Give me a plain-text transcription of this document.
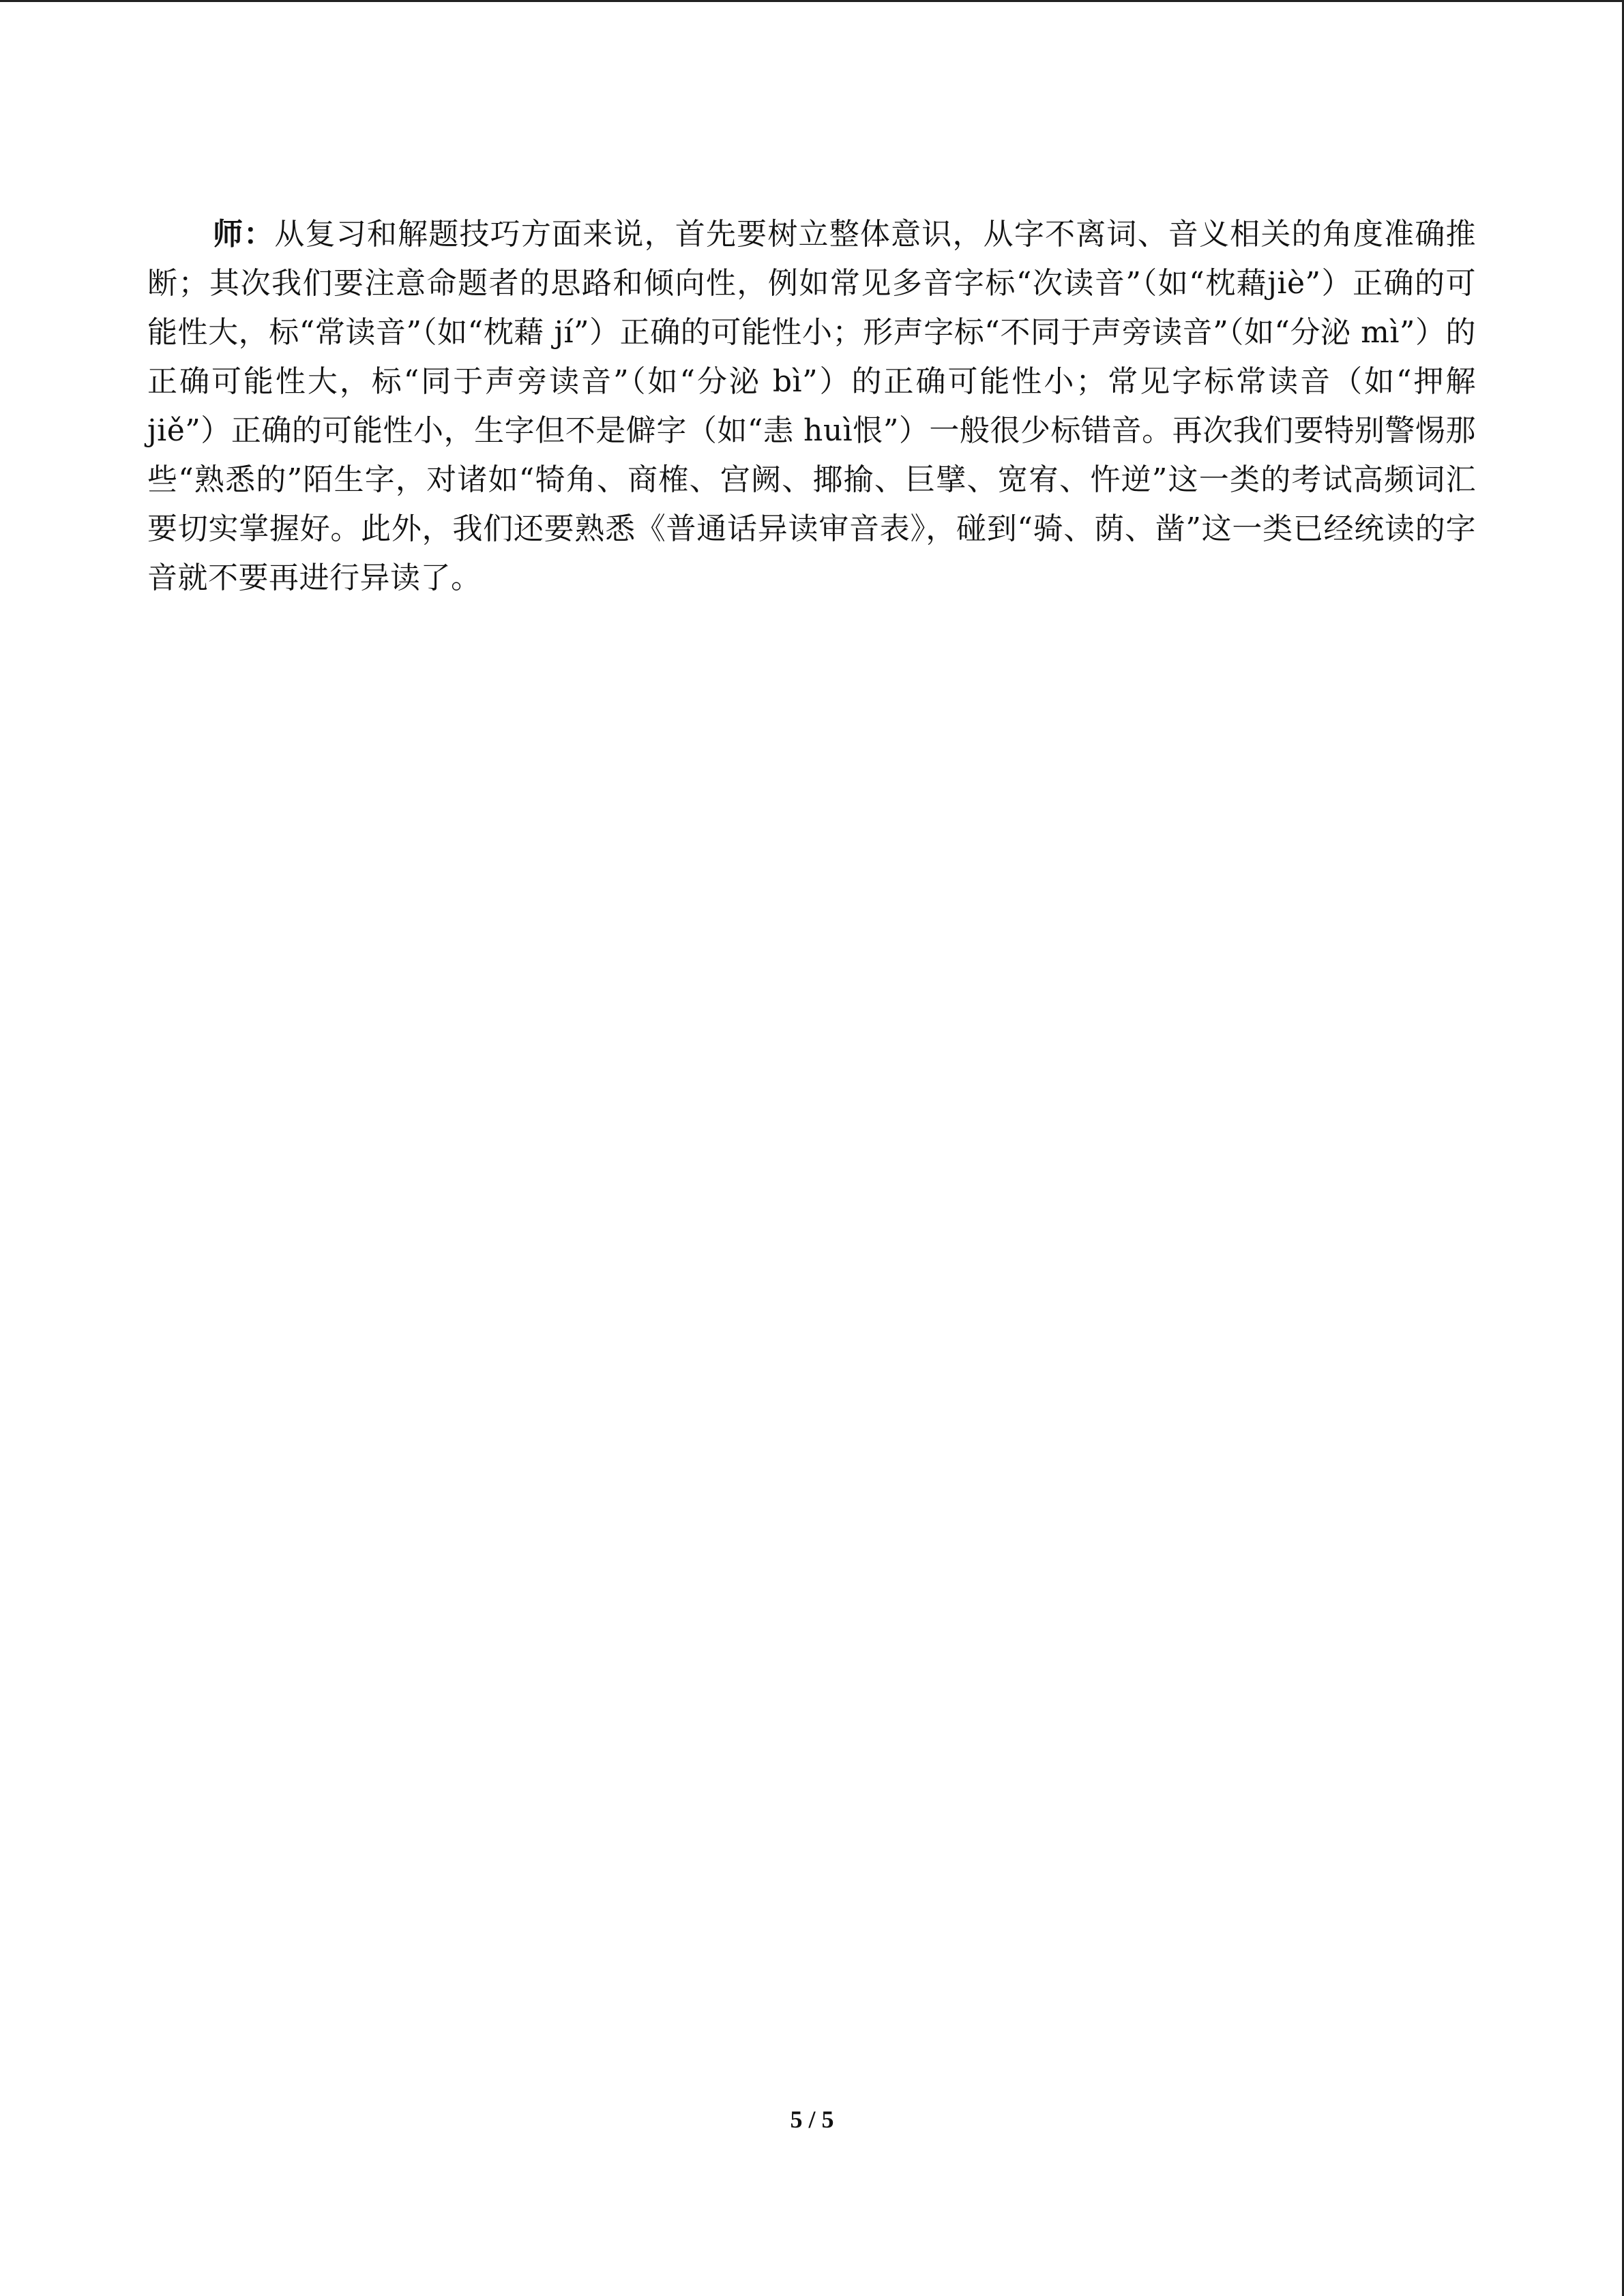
师：从复习和解题技巧方面来说，首先要树立整体意识，从字不离词、音义相关的角度准确推断；其次我们要注意命题者的思路和倾向性，例如常见多音字标“次读音”（如“枕藉jiè”）正确的可能性大，标“常读音”（如“枕藉 jí”）正确的可能性小；形声字标“不同于声旁读音”（如“分泌 mì”）的正确可能性大，标“同于声旁读音”（如“分泌 bì”）的正确可能性小；常见字标常读音（如“押解 jiě”）正确的可能性小，生字但不是僻字（如“恚 huì恨”）一般很少标错音。再次我们要特别警惕那些“熟悉的”陌生字，对诸如“犄角、商榷、宫阙、揶揄、巨擘、宽宥、忤逆”这一类的考试高频词汇要切实掌握好。此外，我们还要熟悉《普通话异读审音表》，碰到“骑、荫、凿”这一类已经统读的字音就不要再进行异读了。

5 / 5
